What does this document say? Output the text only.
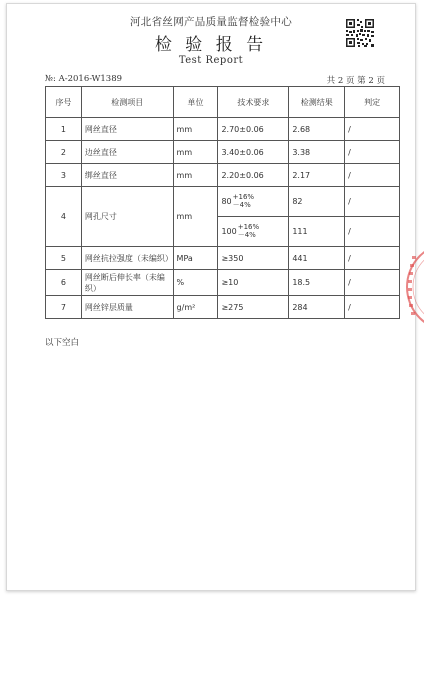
河北省丝网产品质量监督检验中心
检 验 报 告
Test Report
№: A-2016-W1389	共 2 页 第 2 页
序号	检测项目	单位	技术要求	检测结果	判定
1	网丝直径	mm	2.70±0.06	2.68	/
2	边丝直径	mm	3.40±0.06	3.38	/
3	绑丝直径	mm	2.20±0.06	2.17	/
4	网孔尺寸	mm	80 +16%
－4%	82	/
			100 +16%
－4%	111	/
5	网丝抗拉强度（未编织）	MPa	≥350	441	/
6	网丝断后伸长率（未编织）	%	≥10	18.5	/
7	网丝锌层质量	g/m²	≥275	284	/
以下空白
